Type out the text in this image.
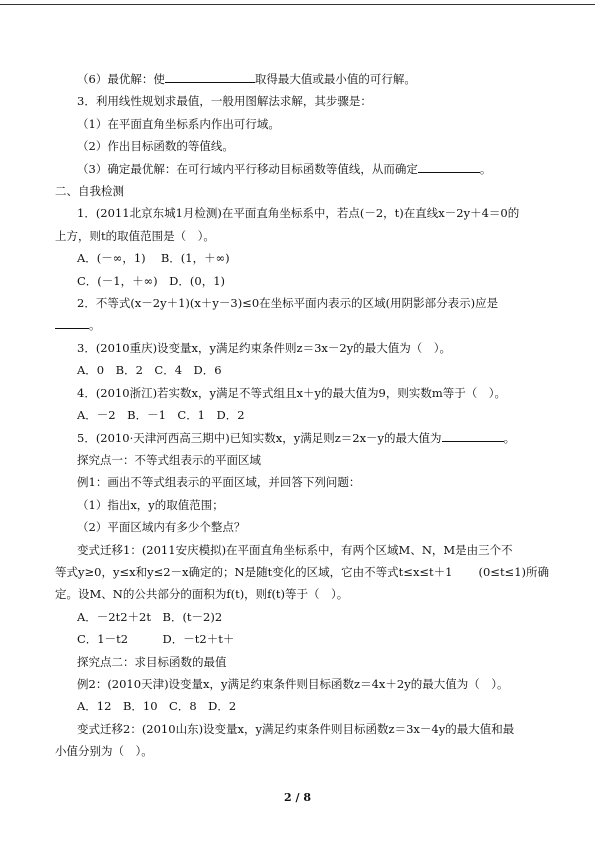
（6）最优解：使	取得最大值或最小值的可行解。
3．利用线性规划求最值，一般用图解法求解，其步骤是：
（1）在平面直角坐标系内作出可行域。
（2）作出目标函数的等值线。
（3）确定最优解：在可行域内平行移动目标函数等值线，从而确定	。
二、自我检测
1．(2011北京东城1月检测)在平面直角坐标系中，若点(－2，t)在直线x－2y＋4＝0的
上方，则t的取值范围是（　）。
A．(－∞，1)　 B．(1，＋∞)
C．(－1，＋∞)　D．(0，1)
2．不等式(x－2y＋1)(x＋y－3)≤0在坐标平面内表示的区域(用阴影部分表示)应是
。
3．(2010重庆)设变量x，y满足约束条件则z＝3x－2y的最大值为（　）。
A．0　B．2　C．4　D．6
4．(2010浙江)若实数x，y满足不等式组且x＋y的最大值为9，则实数m等于（　）。
A．－2　B．－1　C．1　D．2
5．(2010·天津河西高三期中)已知实数x，y满足则z＝2x－y的最大值为	。
探究点一：不等式组表示的平面区域
例1：画出不等式组表示的平面区域，并回答下列问题：
（1）指出x，y的取值范围；
（2）平面区域内有多少个整点？
变式迁移1：(2011安庆模拟)在平面直角坐标系中，有两个区域M、N，M是由三个不
等式y≥0，y≤x和y≤2－x确定的；N是随t变化的区域，它由不等式t≤x≤t＋1 (0≤t≤1)所确
定。设M、N的公共部分的面积为f(t)，则f(t)等于（　）。
A．－2t2＋2t　B．(t－2)2
C．1－t2　　　D．－t2＋t＋
探究点二：求目标函数的最值
例2：(2010天津)设变量x，y满足约束条件则目标函数z＝4x＋2y的最大值为（　）。
A．12　B．10　C．8　D．2
变式迁移2：(2010山东)设变量x，y满足约束条件则目标函数z＝3x－4y的最大值和最
小值分别为（　）。
2 / 8
